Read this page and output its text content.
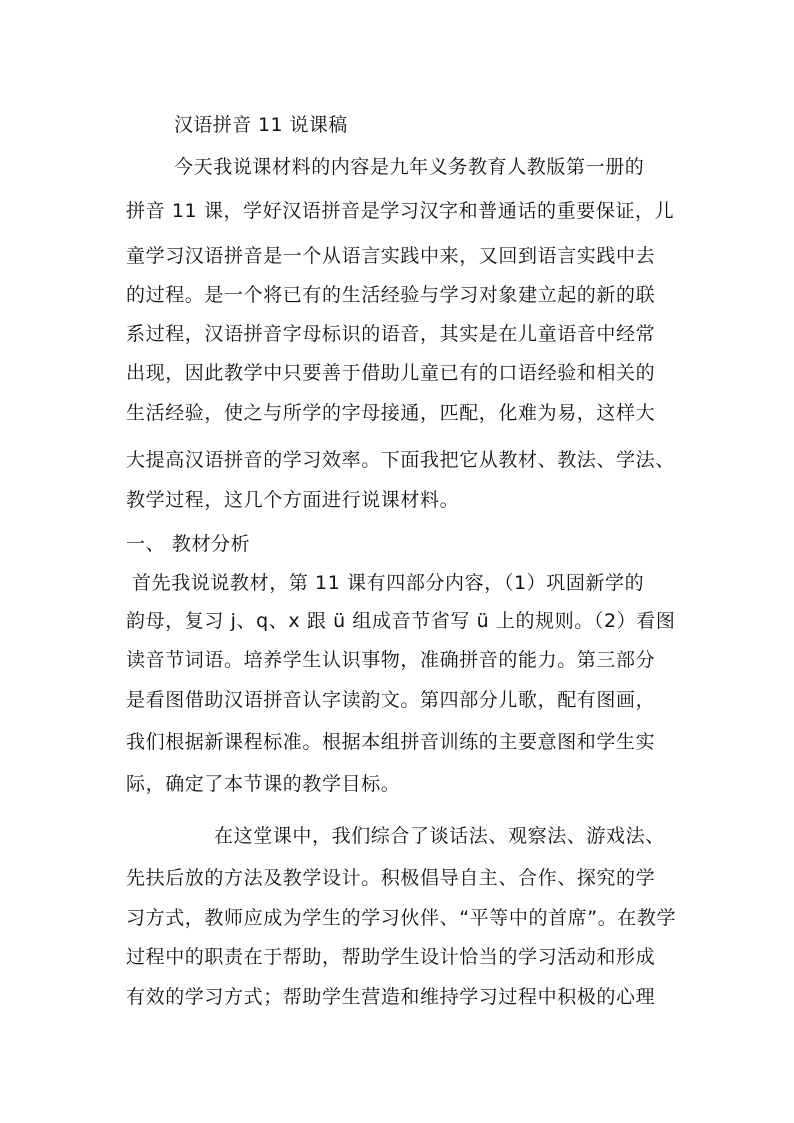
汉语拼音 11 说课稿
今天我说课材料的内容是九年义务教育人教版第一册的
拼音 11 课，学好汉语拼音是学习汉字和普通话的重要保证，儿
童学习汉语拼音是一个从语言实践中来，又回到语言实践中去
的过程。是一个将已有的生活经验与学习对象建立起的新的联
系过程，汉语拼音字母标识的语音，其实是在儿童语音中经常
出现，因此教学中只要善于借助儿童已有的口语经验和相关的
生活经验，使之与所学的字母接通，匹配，化难为易，这样大
大提高汉语拼音的学习效率。下面我把它从教材、教法、学法、
教学过程，这几个方面进行说课材料。
一、 教材分析
首先我说说教材，第 11 课有四部分内容，（1）巩固新学的
韵母，复习 j、q、x 跟 ü 组成音节省写 ü 上的规则。（2）看图
读音节词语。培养学生认识事物，准确拼音的能力。第三部分
是看图借助汉语拼音认字读韵文。第四部分儿歌，配有图画，
我们根据新课程标准。根据本组拼音训练的主要意图和学生实
际，确定了本节课的教学目标。
在这堂课中，我们综合了谈话法、观察法、游戏法、
先扶后放的方法及教学设计。积极倡导自主、合作、探究的学
习方式，教师应成为学生的学习伙伴、“平等中的首席”。在教学
过程中的职责在于帮助，帮助学生设计恰当的学习活动和形成
有效的学习方式；帮助学生营造和维持学习过程中积极的心理
